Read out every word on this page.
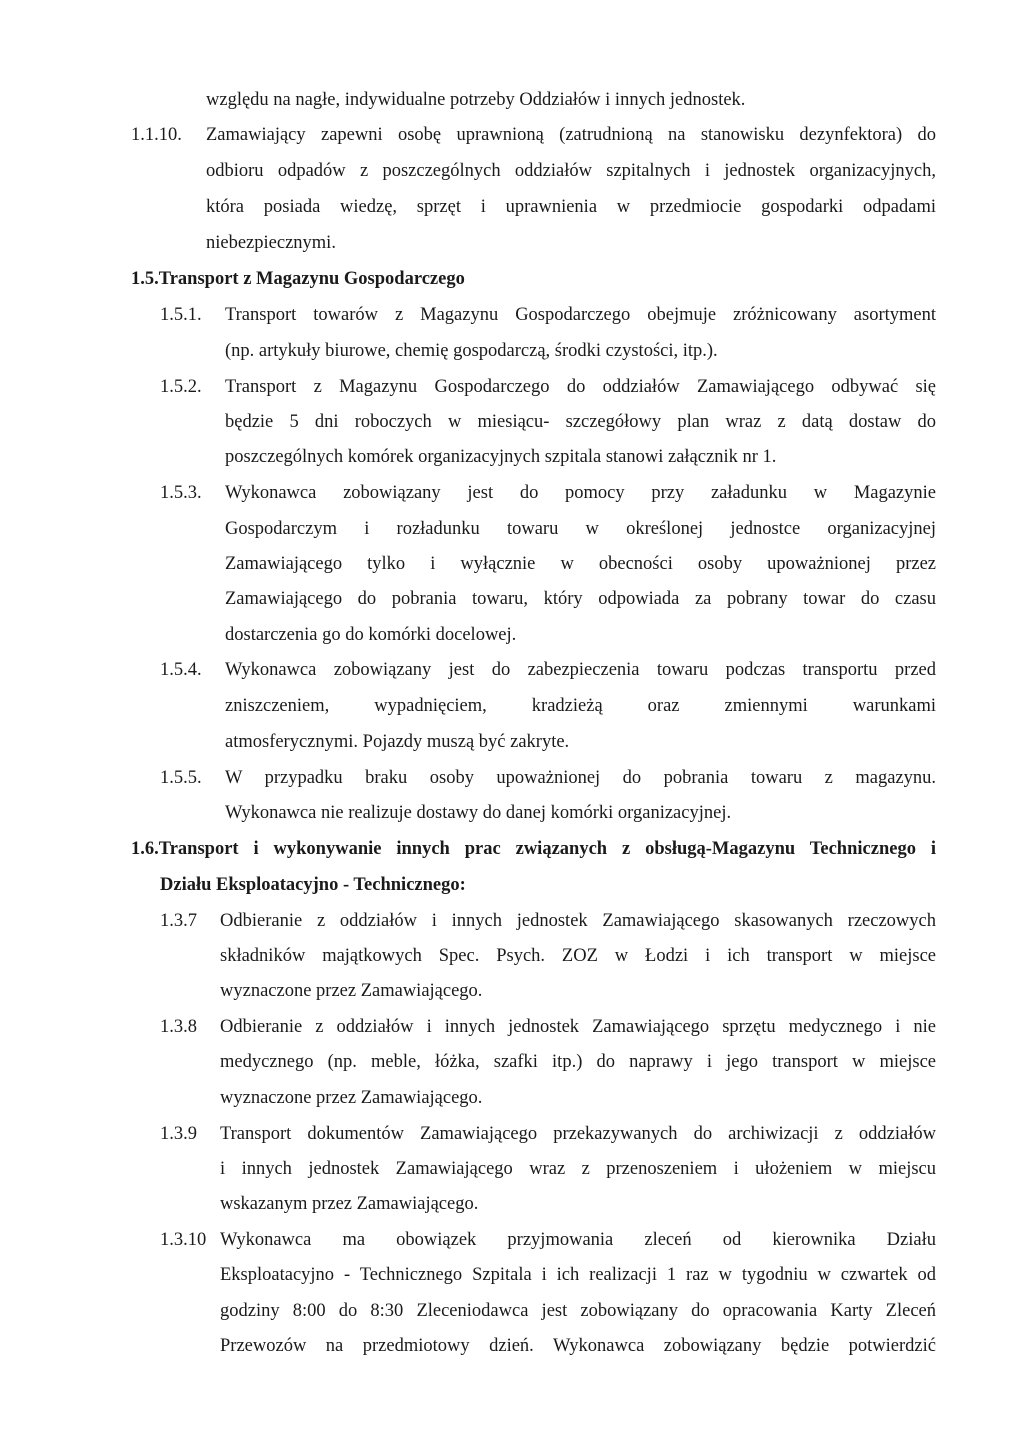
względu na nagłe, indywidualne potrzeby Oddziałów i innych jednostek.
1.1.10. Zamawiający zapewni osobę uprawnioną (zatrudnioną na stanowisku dezynfektora) do
odbioru odpadów z poszczególnych oddziałów szpitalnych i jednostek organizacyjnych,
która posiada wiedzę, sprzęt i uprawnienia w przedmiocie gospodarki odpadami
niebezpiecznymi.
1.5.Transport z Magazynu Gospodarczego
1.5.1. Transport towarów z Magazynu Gospodarczego obejmuje zróżnicowany asortyment
(np. artykuły biurowe, chemię gospodarczą, środki czystości, itp.).
1.5.2. Transport z Magazynu Gospodarczego do oddziałów Zamawiającego odbywać się
będzie 5 dni roboczych w miesiącu- szczegółowy plan wraz z datą dostaw do
poszczególnych komórek organizacyjnych szpitala stanowi załącznik nr 1.
1.5.3. Wykonawca zobowiązany jest do pomocy przy załadunku w Magazynie
Gospodarczym i rozładunku towaru w określonej jednostce organizacyjnej
Zamawiającego tylko i wyłącznie w obecności osoby upoważnionej przez
Zamawiającego do pobrania towaru, który odpowiada za pobrany towar do czasu
dostarczenia go do komórki docelowej.
1.5.4. Wykonawca zobowiązany jest do zabezpieczenia towaru podczas transportu przed
zniszczeniem, wypadnięciem, kradzieżą oraz zmiennymi warunkami
atmosferycznymi. Pojazdy muszą być zakryte.
1.5.5. W przypadku braku osoby upoważnionej do pobrania towaru z magazynu.
Wykonawca nie realizuje dostawy do danej komórki organizacyjnej.
1.6.Transport i wykonywanie innych prac związanych z obsługą-Magazynu Technicznego i
Działu Eksploatacyjno - Technicznego:
1.3.7 Odbieranie z oddziałów i innych jednostek Zamawiającego skasowanych rzeczowych
składników majątkowych Spec. Psych. ZOZ w Łodzi i ich transport w miejsce
wyznaczone przez Zamawiającego.
1.3.8 Odbieranie z oddziałów i innych jednostek Zamawiającego sprzętu medycznego i nie
medycznego (np. meble, łóżka, szafki itp.) do naprawy i jego transport w miejsce
wyznaczone przez Zamawiającego.
1.3.9 Transport dokumentów Zamawiającego przekazywanych do archiwizacji z oddziałów
i innych jednostek Zamawiającego wraz z przenoszeniem i ułożeniem w miejscu
wskazanym przez Zamawiającego.
1.3.10 Wykonawca ma obowiązek przyjmowania zleceń od kierownika Działu
Eksploatacyjno - Technicznego Szpitala i ich realizacji 1 raz w tygodniu w czwartek od
godziny 8:00 do 8:30 Zleceniodawca jest zobowiązany do opracowania Karty Zleceń
Przewozów na przedmiotowy dzień. Wykonawca zobowiązany będzie potwierdzić
